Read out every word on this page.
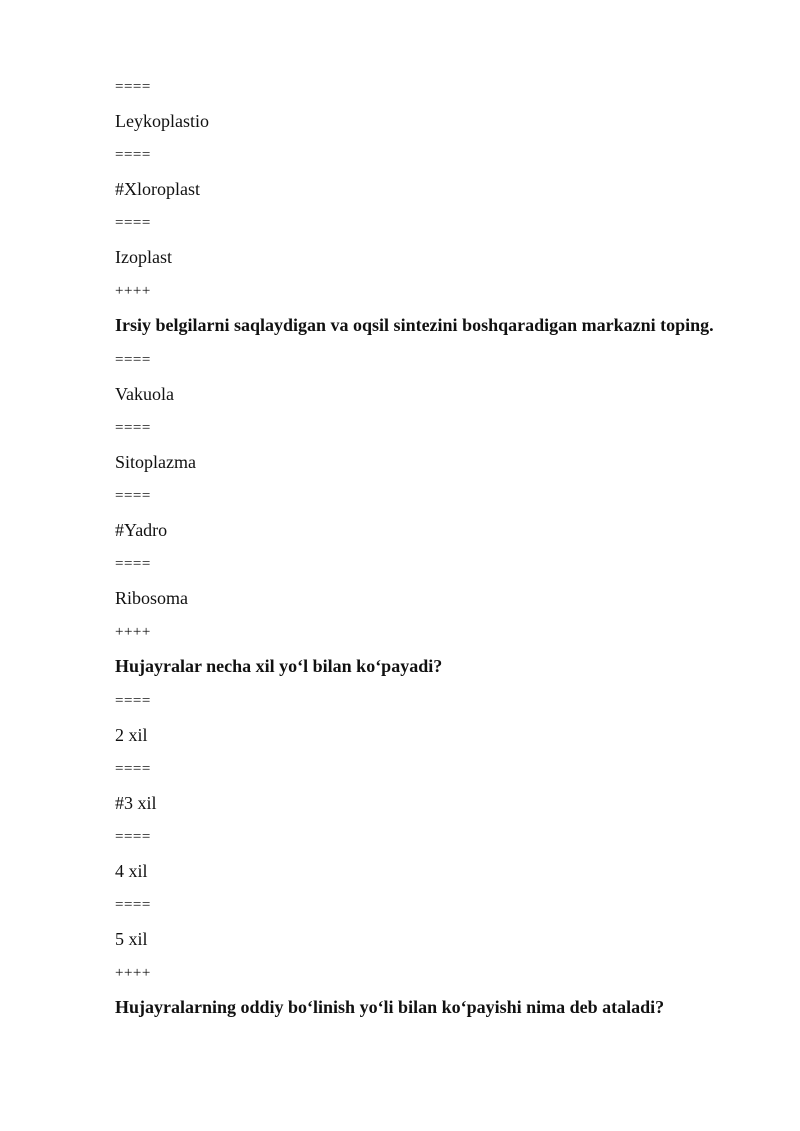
====
Leykoplastio
====
#Xloroplast
====
Izoplast
++++
Irsiy belgilarni saqlaydigan va oqsil sintezini boshqaradigan markazni toping.
====
Vakuola
====
Sitoplazma
====
#Yadro
====
Ribosoma
++++
Hujayralar necha xil yo‘l bilan ko‘payadi?
====
2 xil
====
#3 xil
====
4 xil
====
5 xil
++++
Hujayralarning oddiy bo‘linish yo‘li bilan ko‘payishi nima deb ataladi?
